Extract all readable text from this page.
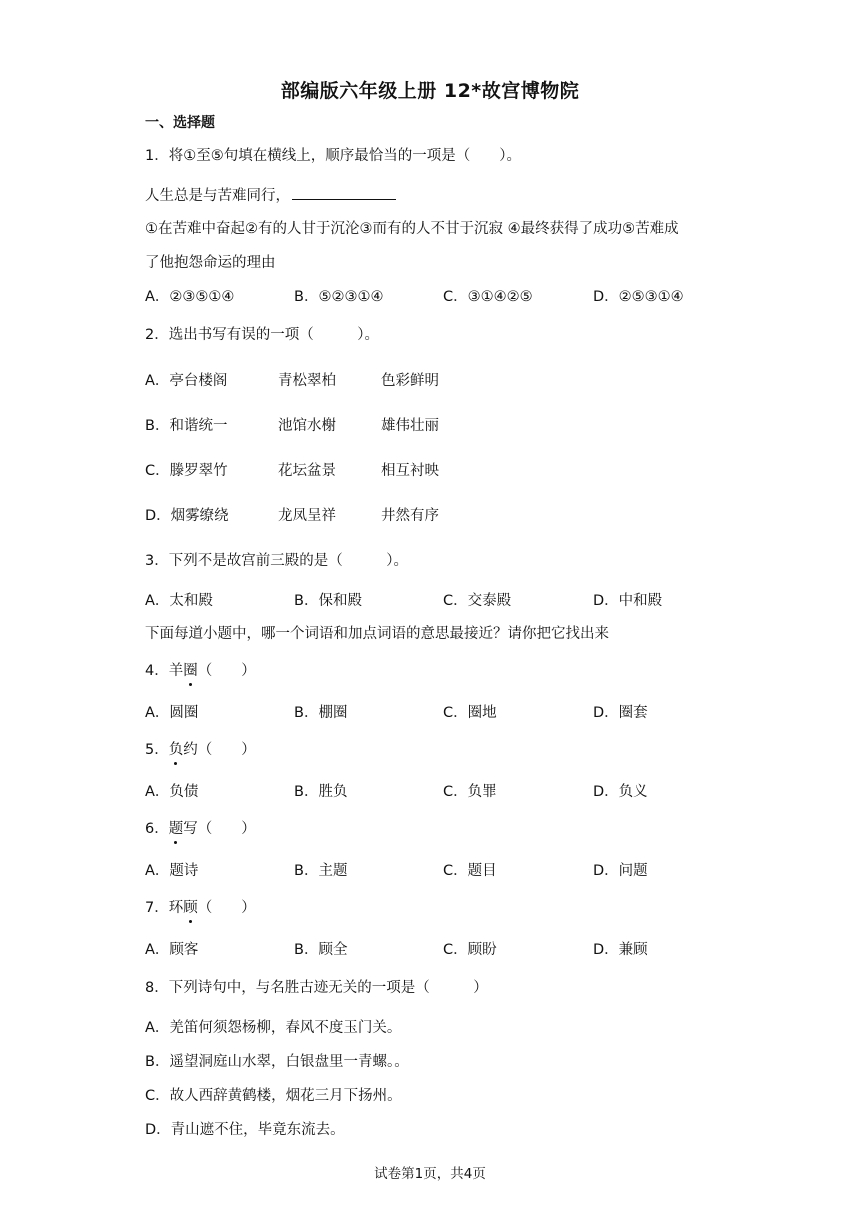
部编版六年级上册 12*故宫博物院
一、选择题
1．将①至⑤句填在横线上，顺序最恰当的一项是（　　）。
人生总是与苦难同行，
①在苦难中奋起②有的人甘于沉沦③而有的人不甘于沉寂 ④最终获得了成功⑤苦难成
了他抱怨命运的理由
A．②③⑤①④	B．⑤②③①④	C．③①④②⑤	D．②⑤③①④
2．选出书写有误的一项（　　　）。
A．亭台楼阁	青松翠柏	色彩鲜明
B．和谐统一	池馆水榭	雄伟壮丽
C．滕罗翠竹	花坛盆景	相互衬映
D．烟雾缭绕	龙凤呈祥	井然有序
3．下列不是故宫前三殿的是（　　　）。
A．太和殿	B．保和殿	C．交泰殿	D．中和殿
下面每道小题中，哪一个词语和加点词语的意思最接近？请你把它找出来
4．羊圈（　　）
A．圆圈	B．棚圈	C．圈地	D．圈套
5．负约（　　）
A．负债	B．胜负	C．负罪	D．负义
6．题写（　　）
A．题诗	B．主题	C．题目	D．问题
7．环顾（　　）
A．顾客	B．顾全	C．顾盼	D．兼顾
8．下列诗句中，与名胜古迹无关的一项是（　　　）
A．羌笛何须怨杨柳，春风不度玉门关。
B．遥望洞庭山水翠，白银盘里一青螺。。
C．故人西辞黄鹤楼，烟花三月下扬州。
D．青山遮不住，毕竟东流去。
试卷第1页，共4页
